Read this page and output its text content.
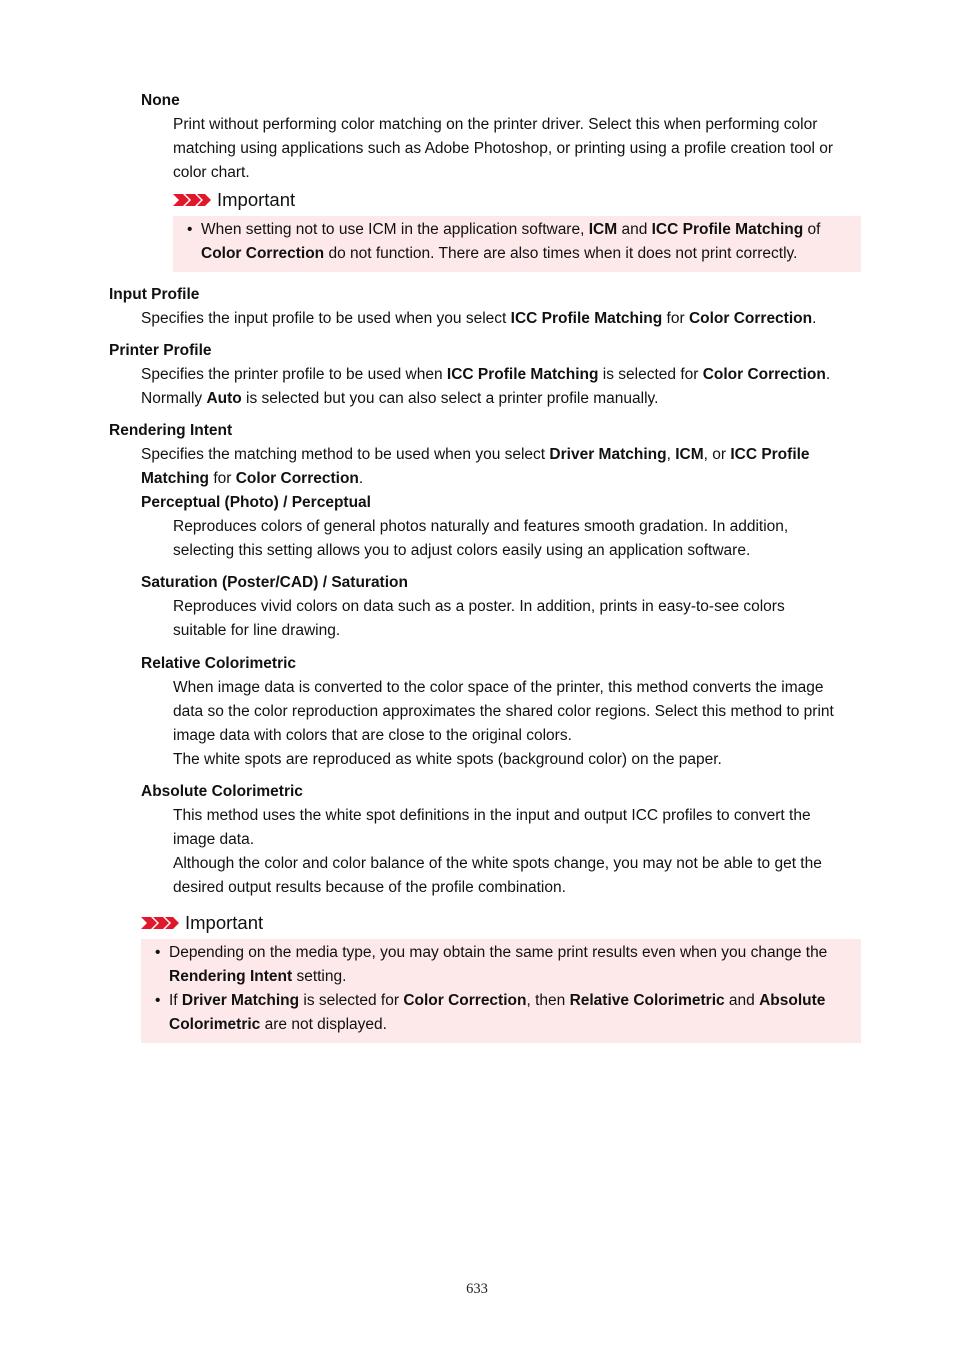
None
Print without performing color matching on the printer driver. Select this when performing color
matching using applications such as Adobe Photoshop, or printing using a profile creation tool or
color chart.
Important
• When setting not to use ICM in the application software, ICM and ICC Profile Matching of
Color Correction do not function. There are also times when it does not print correctly.
Input Profile
Specifies the input profile to be used when you select ICC Profile Matching for Color Correction.
Printer Profile
Specifies the printer profile to be used when ICC Profile Matching is selected for Color Correction.
Normally Auto is selected but you can also select a printer profile manually.
Rendering Intent
Specifies the matching method to be used when you select Driver Matching, ICM, or ICC Profile
Matching for Color Correction.
Perceptual (Photo) / Perceptual
Reproduces colors of general photos naturally and features smooth gradation. In addition,
selecting this setting allows you to adjust colors easily using an application software.
Saturation (Poster/CAD) / Saturation
Reproduces vivid colors on data such as a poster. In addition, prints in easy-to-see colors
suitable for line drawing.
Relative Colorimetric
When image data is converted to the color space of the printer, this method converts the image
data so the color reproduction approximates the shared color regions. Select this method to print
image data with colors that are close to the original colors.
The white spots are reproduced as white spots (background color) on the paper.
Absolute Colorimetric
This method uses the white spot definitions in the input and output ICC profiles to convert the
image data.
Although the color and color balance of the white spots change, you may not be able to get the
desired output results because of the profile combination.
Important
• Depending on the media type, you may obtain the same print results even when you change the
Rendering Intent setting.
• If Driver Matching is selected for Color Correction, then Relative Colorimetric and Absolute
Colorimetric are not displayed.
633
